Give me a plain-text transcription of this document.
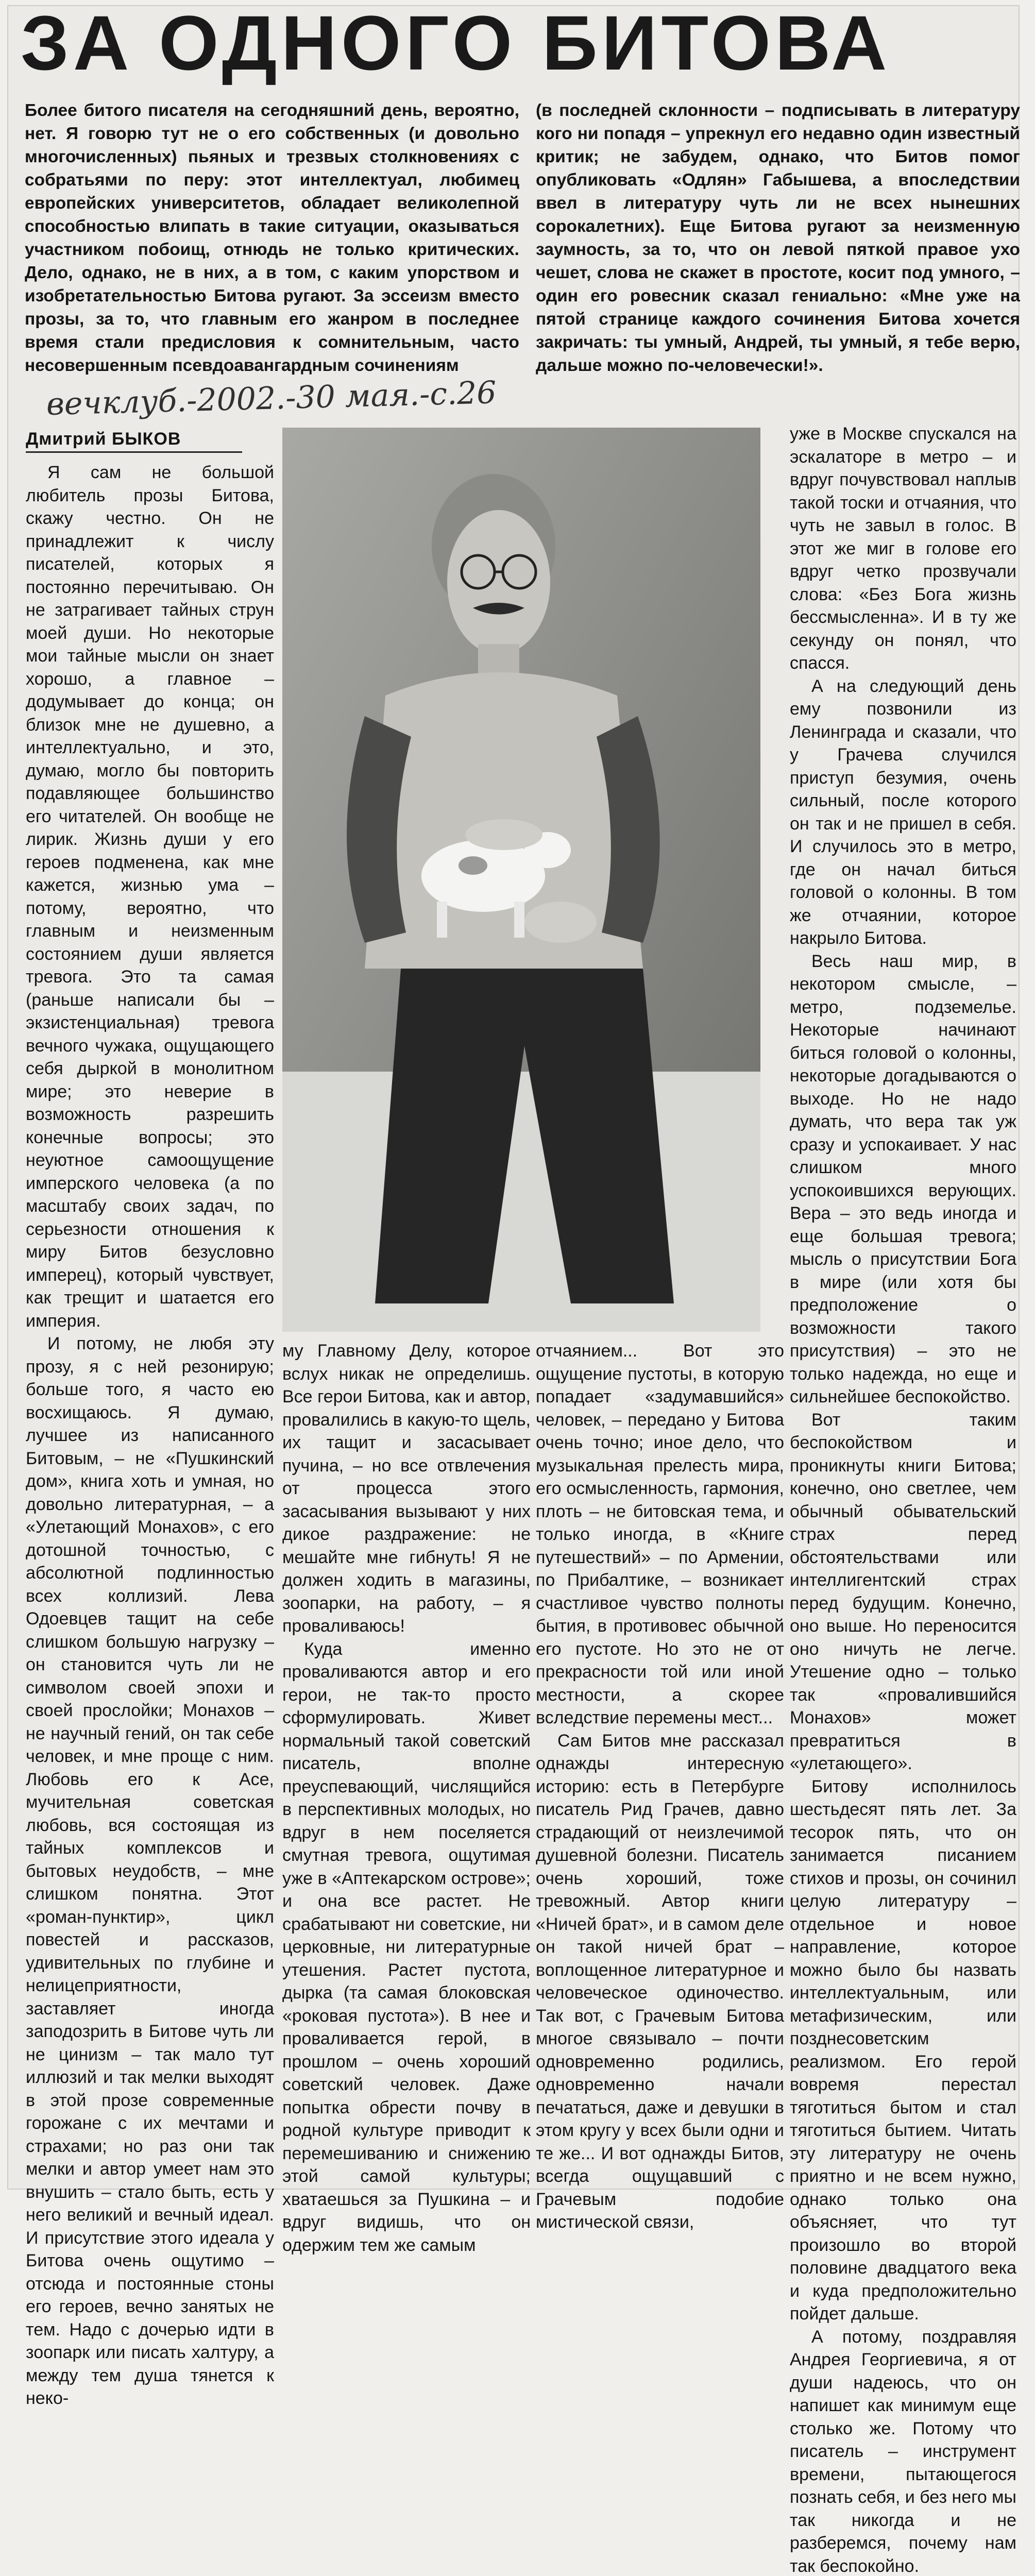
ЗА ОДНОГО БИТОВА
Более битого писателя на сегодняшний день, вероятно, нет. Я говорю тут не о его собственных (и довольно многочисленных) пьяных и трезвых столкновениях с собратьями по перу: этот интеллектуал, любимец европейских университетов, обладает великолепной способностью влипать в такие ситуации, оказываться участником побоищ, отнюдь не только критических. Дело, однако, не в них, а в том, с каким упорством и изобретательностью Битова ругают. За эссеизм вместо прозы, за то, что главным его жанром в последнее время стали предисловия к сомнительным, часто несовершенным псевдоавангардным сочинениям
(в последней склонности – подписывать в литературу кого ни попадя – упрекнул его недавно один известный критик; не забудем, однако, что Битов помог опубликовать «Одлян» Габышева, а впоследствии ввел в литературу чуть ли не всех нынешних сорокалетних). Еще Битова ругают за неизменную заумность, за то, что он левой пяткой правое ухо чешет, слова не скажет в простоте, косит под умного, – один его ровесник сказал гениально: «Мне уже на пятой странице каждого сочинения Битова хочется закричать: ты умный, Андрей, ты умный, я тебе верю, дальше можно по-человечески!».
вечклуб.-2002.-30 мая.-с.26
Дмитрий БЫКОВ

Я сам не большой любитель прозы Битова, скажу честно. Он не принадлежит к числу писателей, которых я постоянно перечитываю. Он не затрагивает тайных струн моей души. Но некоторые мои тайные мысли он знает хорошо, а главное – додумывает до конца; он близок мне не душевно, а интеллектуально, и это, думаю, могло бы повторить подавляющее большинство его читателей. Он вообще не лирик. Жизнь души у его героев подменена, как мне кажется, жизнью ума – потому, вероятно, что главным и неизменным состоянием души является тревога. Это та самая (раньше написали бы – экзистенциальная) тревога вечного чужака, ощущающего себя дыркой в монолитном мире; это неверие в возможность разрешить конечные вопросы; это неуютное самоощущение имперского человека (а по масштабу своих задач, по серьезности отношения к миру Битов безусловно имперец), который чувствует, как трещит и шатается его империя.

И потому, не любя эту прозу, я с ней резонирую; больше того, я часто ею восхищаюсь. Я думаю, лучшее из написанного Битовым, – не «Пушкинский дом», книга хоть и умная, но довольно литературная, – а «Улетающий Монахов», с его дотошной точностью, с абсолютной подлинностью всех коллизий. Лева Одоевцев тащит на себе слишком большую нагрузку – он становится чуть ли не символом своей эпохи и своей прослойки; Монахов – не научный гений, он так себе человек, и мне проще с ним. Любовь его к Асе, мучительная советская любовь, вся состоящая из тайных комплексов и бытовых неудобств, – мне слишком понятна. Этот «роман-пунктир», цикл повестей и рассказов, удивительных по глубине и нелицеприятности, заставляет иногда заподозрить в Битове чуть ли не цинизм – так мало тут иллюзий и так мелки выходят в этой прозе современные горожане с их мечтами и страхами; но раз они так мелки и автор умеет нам это внушить – стало быть, есть у него великий и вечный идеал. И присутствие этого идеала у Битова очень ощутимо – отсюда и постоянные стоны его героев, вечно занятых не тем. Надо с дочерью идти в зоопарк или писать халтуру, а между тем душа тянется к неко-

му Главному Делу, которое вслух никак не определишь. Все герои Битова, как и автор, провалились в какую-то щель, их тащит и засасывает пучина, – но все отвлечения от процесса этого засасывания вызывают у них дикое раздражение: не мешайте мне гибнуть! Я не должен ходить в магазины, зоопарки, на работу, – я проваливаюсь!

Куда именно проваливаются автор и его герои, не так-то просто сформулировать. Живет нормальный такой советский писатель, вполне преуспевающий, числящийся в перспективных молодых, но вдруг в нем поселяется смутная тревога, ощутимая уже в «Аптекарском острове»; и она все растет. Не срабатывают ни советские, ни церковные, ни литературные утешения. Растет пустота, дырка (та самая блоковская «роковая пустота»). В нее и проваливается герой, в прошлом – очень хороший советский человек. Даже попытка обрести почву в родной культуре приводит к перемешиванию и снижению этой самой культуры; хватаешься за Пушкина – и вдруг видишь, что он одержим тем же самым

отчаянием... Вот это ощущение пустоты, в которую попадает «задумавшийся» человек, – передано у Битова очень точно; иное дело, что музыкальная прелесть мира, его осмысленность, гармония, плоть – не битовская тема, и только иногда, в «Книге путешествий» – по Армении, по Прибалтике, – возникает счастливое чувство полноты бытия, в противовес обычной его пустоте. Но это не от прекрасности той или иной местности, а скорее вследствие перемены мест...

Сам Битов мне рассказал однажды интересную историю: есть в Петербурге писатель Рид Грачев, давно страдающий от неизлечимой душевной болезни. Писатель очень хороший, тоже тревожный. Автор книги «Ничей брат», и в самом деле он такой ничей брат – воплощенное литературное и человеческое одиночество. Так вот, с Грачевым Битова многое связывало – почти одновременно родились, одновременно начали печататься, даже и девушки в этом кругу у всех были одни и те же... И вот однажды Битов, всегда ощущавший с Грачевым подобие мистической связи,

уже в Москве спускался на эскалаторе в метро – и вдруг почувствовал наплыв такой тоски и отчаяния, что чуть не завыл в голос. В этот же миг в голове его вдруг четко прозвучали слова: «Без Бога жизнь бессмысленна». И в ту же секунду он понял, что спасся.

А на следующий день ему позвонили из Ленинграда и сказали, что у Грачева случился приступ безумия, очень сильный, после которого он так и не пришел в себя. И случилось это в метро, где он начал биться головой о колонны. В том же отчаянии, которое накрыло Битова.

Весь наш мир, в некотором смысле, – метро, подземелье. Некоторые начинают биться головой о колонны, некоторые догадываются о выходе. Но не надо думать, что вера так уж сразу и успокаивает. У нас слишком много успокоившихся верующих. Вера – это ведь иногда и еще большая тревога; мысль о присутствии Бога в мире (или хотя бы предположение о возможности такого присутствия) – это не только надежда, но еще и сильнейшее беспокойство.

Вот таким беспокойством и проникнуты книги Битова; конечно, оно светлее, чем обычный обывательский страх перед обстоятельствами или интеллигентский страх перед будущим. Конечно, оно выше. Но переносится оно ничуть не легче. Утешение одно – только так «провалившийся Монахов» может превратиться в «улетающего».

Битову исполнилось шестьдесят пять лет. За тесорок пять, что он занимается писанием стихов и прозы, он сочинил целую литературу – отдельное и новое направление, которое можно было бы назвать интеллектуальным, или метафизическим, или позднесоветским реализмом. Его герой вовремя перестал тяготиться бытом и стал тяготиться бытием. Читать эту литературу не очень приятно и не всем нужно, однако только она объясняет, что тут произошло во второй половине двадцатого века и куда предположительно пойдет дальше.

А потому, поздравляя Андрея Георгиевича, я от души надеюсь, что он напишет как минимум еще столько же. Потому что писатель – инструмент времени, пытающегося познать себя, и без него мы так никогда и не разберемся, почему нам так беспокойно.
